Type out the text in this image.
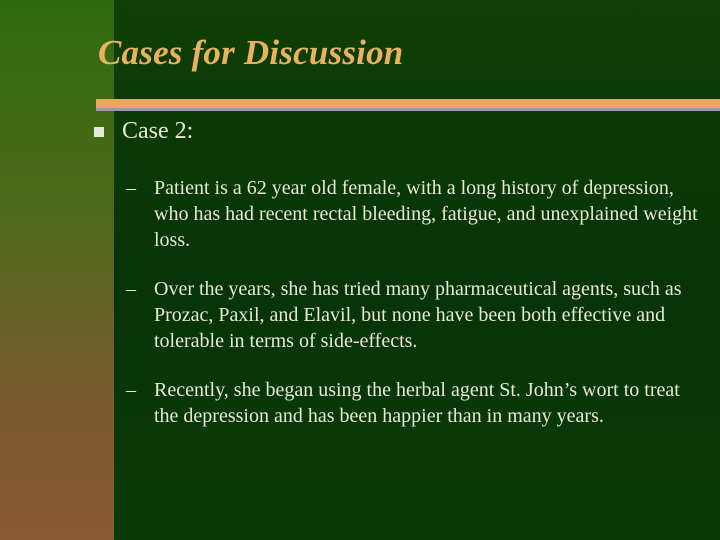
Cases for Discussion
Case 2:
– Patient is a 62 year old female, with a long history of depression, who has had recent rectal bleeding, fatigue, and unexplained weight loss.
– Over the years, she has tried many pharmaceutical agents, such as Prozac, Paxil, and Elavil, but none have been both effective and tolerable in terms of side-effects.
– Recently, she began using the herbal agent St. John’s wort to treat the depression and has been happier than in many years.
